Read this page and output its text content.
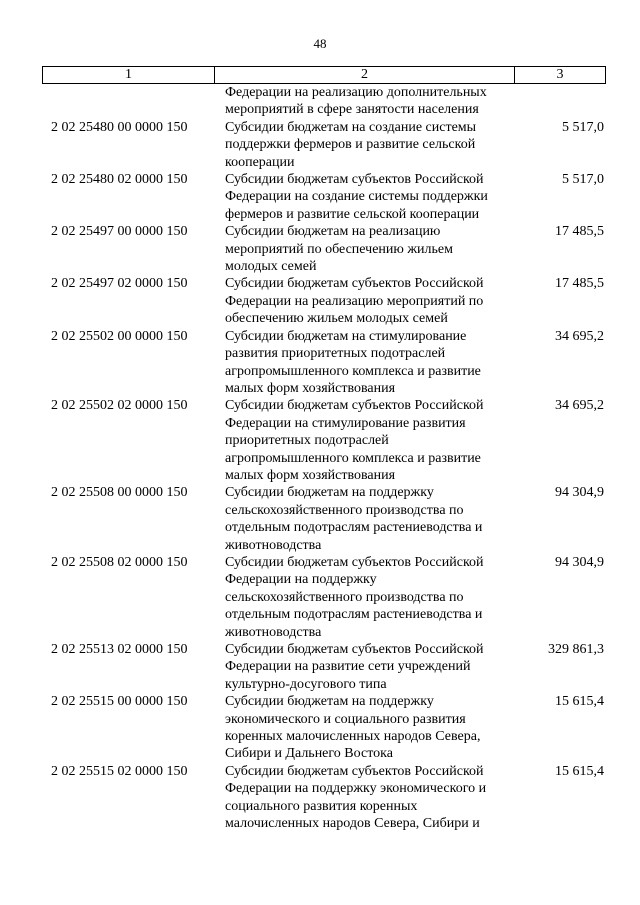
48
1	2	3
Федерации на реализацию дополнительных
мероприятий в сфере занятости населения
2 02 25480 00 0000 150	Субсидии бюджетам на создание системы
поддержки фермеров и развитие сельской
кооперации
5 517,0
2 02 25480 02 0000 150	Субсидии бюджетам субъектов Российской
Федерации на создание системы поддержки
фермеров и развитие сельской кооперации
5 517,0
2 02 25497 00 0000 150	Субсидии бюджетам на реализацию
мероприятий по обеспечению жильем
молодых семей
17 485,5
2 02 25497 02 0000 150	Субсидии бюджетам субъектов Российской
Федерации на реализацию мероприятий по
обеспечению жильем молодых семей
17 485,5
2 02 25502 00 0000 150	Субсидии бюджетам на стимулирование
развития приоритетных подотраслей
агропромышленного комплекса и развитие
малых форм хозяйствования
34 695,2
2 02 25502 02 0000 150	Субсидии бюджетам субъектов Российской
Федерации на стимулирование развития
приоритетных подотраслей
агропромышленного комплекса и развитие
малых форм хозяйствования
34 695,2
2 02 25508 00 0000 150	Субсидии бюджетам на поддержку
сельскохозяйственного производства по
отдельным подотраслям растениеводства и
животноводства
94 304,9
2 02 25508 02 0000 150	Субсидии бюджетам субъектов Российской
Федерации на поддержку
сельскохозяйственного производства по
отдельным подотраслям растениеводства и
животноводства
94 304,9
2 02 25513 02 0000 150	Субсидии бюджетам субъектов Российской
Федерации на развитие сети учреждений
культурно-досугового типа
329 861,3
2 02 25515 00 0000 150	Субсидии бюджетам на поддержку
экономического и социального развития
коренных малочисленных народов Севера,
Сибири и Дальнего Востока
15 615,4
2 02 25515 02 0000 150	Субсидии бюджетам субъектов Российской
Федерации на поддержку экономического и
социального развития коренных
малочисленных народов Севера, Сибири и
15 615,4
